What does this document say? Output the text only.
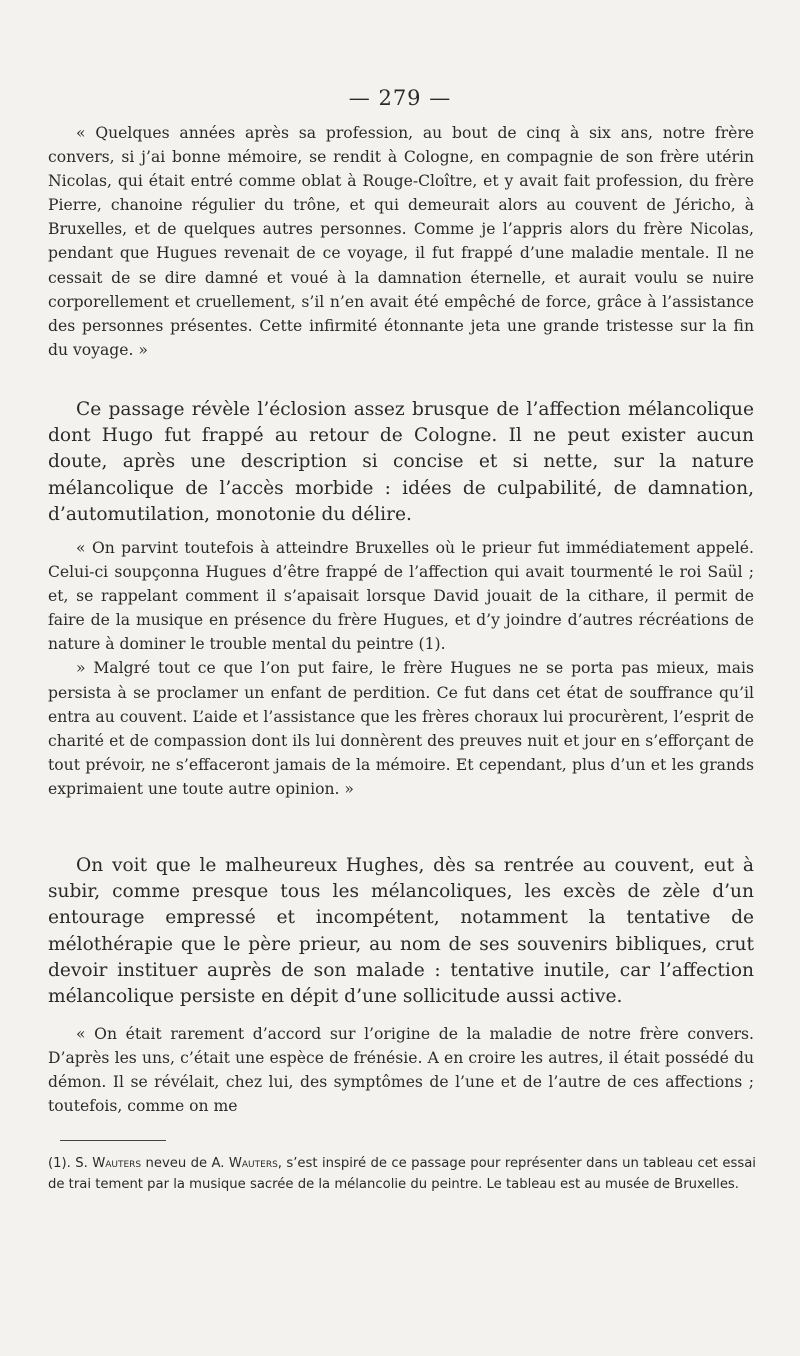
— 279 —

« Quelques années après sa profession, au bout de cinq à six ans, notre frère convers, si j’ai bonne mémoire, se rendit à Cologne, en compagnie de son frère utérin Nicolas, qui était entré comme oblat à Rouge-Cloître, et y avait fait profession, du frère Pierre, chanoine régulier du trône, et qui demeurait alors au couvent de Jéricho, à Bruxelles, et de quelques autres personnes. Comme je l’appris alors du frère Nicolas, pendant que Hugues revenait de ce voyage, il fut frappé d’une maladie mentale. Il ne cessait de se dire damné et voué à la damnation éternelle, et aurait voulu se nuire corporellement et cruellement, s’il n’en avait été empêché de force, grâce à l’assistance des personnes présentes. Cette infirmité étonnante jeta une grande tristesse sur la fin du voyage. »

Ce passage révèle l’éclosion assez brusque de l’affection mélancolique dont Hugo fut frappé au retour de Cologne. Il ne peut exister aucun doute, après une description si concise et si nette, sur la nature mélancolique de l’accès morbide : idées de culpabilité, de damnation, d’automutilation, monotonie du délire.

« On parvint toutefois à atteindre Bruxelles où le prieur fut immédiatement appelé. Celui-ci soupçonna Hugues d’être frappé de l’affection qui avait tourmenté le roi Saül ; et, se rappelant comment il s’apaisait lorsque David jouait de la cithare, il permit de faire de la musique en présence du frère Hugues, et d’y joindre d’autres récréations de nature à dominer le trouble mental du peintre (1).

» Malgré tout ce que l’on put faire, le frère Hugues ne se porta pas mieux, mais persista à se proclamer un enfant de perdition. Ce fut dans cet état de souffrance qu’il entra au couvent. L’aide et l’assistance que les frères choraux lui procurèrent, l’esprit de charité et de compassion dont ils lui donnèrent des preuves nuit et jour en s’efforçant de tout prévoir, ne s’effaceront jamais de la mémoire. Et cependant, plus d’un et les grands exprimaient une toute autre opinion. »

On voit que le malheureux Hughes, dès sa rentrée au couvent, eut à subir, comme presque tous les mélancoliques, les excès de zèle d’un entourage empressé et incompétent, notamment la tentative de mélothérapie que le père prieur, au nom de ses souvenirs bibliques, crut devoir instituer auprès de son malade : tentative inutile, car l’affection mélancolique persiste en dépit d’une sollicitude aussi active.

« On était rarement d’accord sur l’origine de la maladie de notre frère convers. D’après les uns, c’était une espèce de frénésie. A en croire les autres, il était possédé du démon. Il se révélait, chez lui, des symptômes de l’une et de l’autre de ces affections ; toutefois, comme on me

(1). S. Wauters neveu de A. Wauters, s’est inspiré de ce passage pour représenter dans un tableau cet essai de trai tement par la musique sacrée de la mélancolie du peintre. Le tableau est au musée de Bruxelles.
